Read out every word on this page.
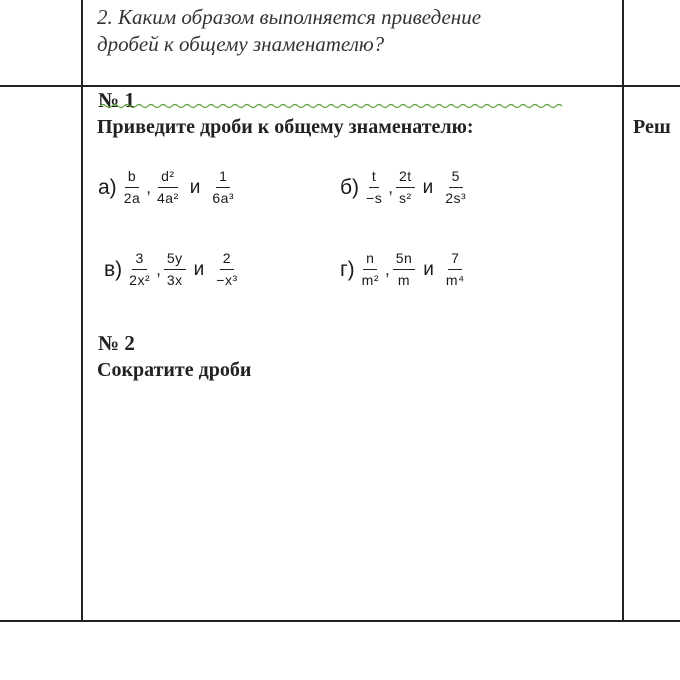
2. Каким образом выполняется приведение
дробей к общему знаменателю?
№ 1
Приведите дроби к общему знаменателю:	Реш
$а) \frac{b}{2a}$ , $\frac{\text{d²}}{\text{4a²}}$ и $\frac{1}{\text{6a³}}$	$б) \frac{t}{-s}$ , $\frac{2t}{\text{s²}}$ и $\frac{5}{\text{2s³}}$
$в) \frac{3}{\text{2x²}}$ , $\frac{5y}{3x}$ и $\frac{2}{\text{−x³}}$	$г) \frac{n}{\text{m²}}$ , $\frac{5n}{m}$ и $\frac{7}{\text{m⁴}}$
№ 2
Сократите дроби
